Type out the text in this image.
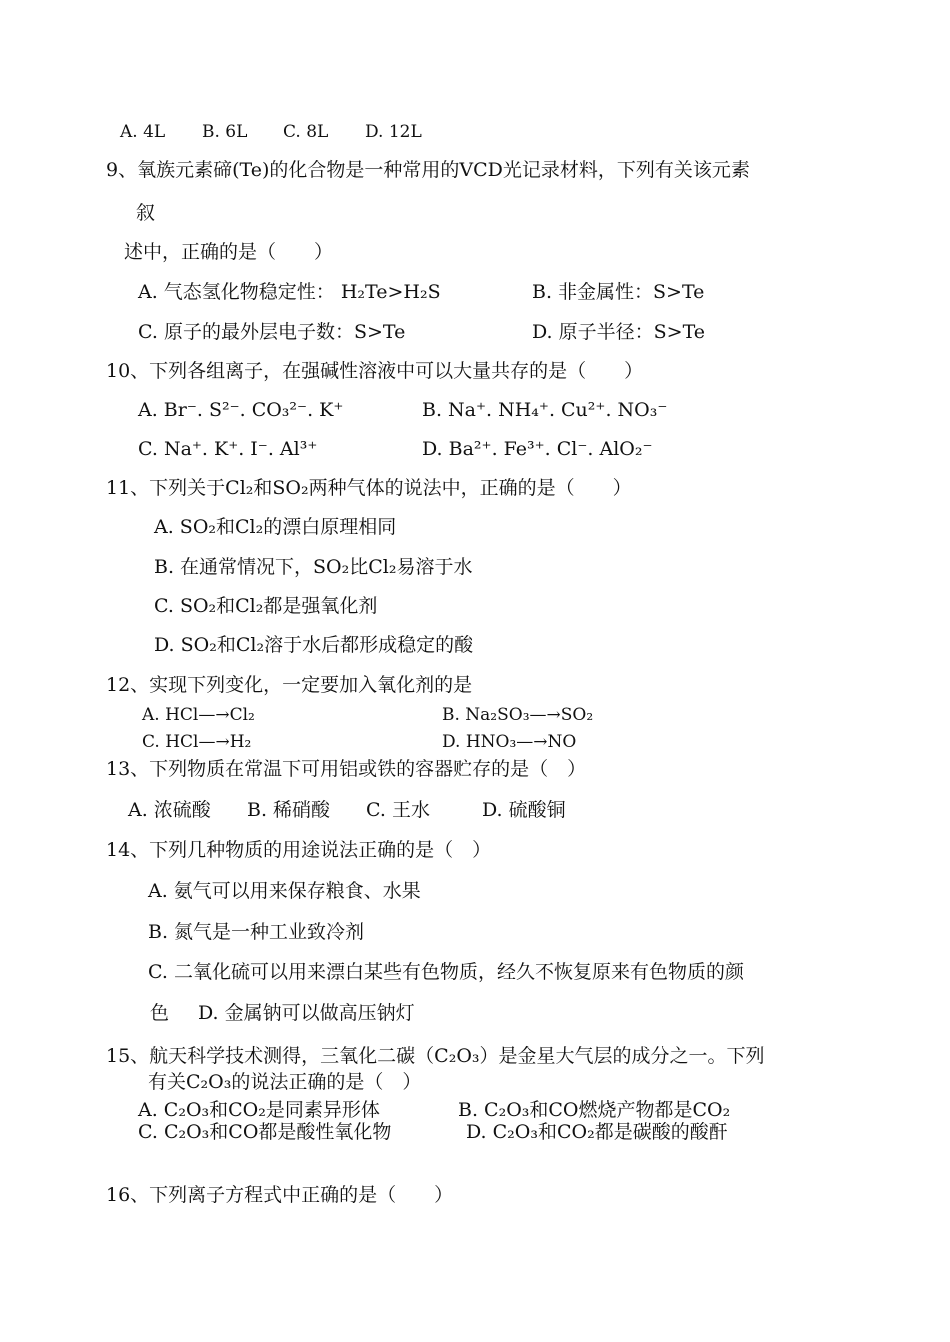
A. 4L B. 6L C. 8L D. 12L
9、氧族元素碲(Te)的化合物是一种常用的VCD光记录材料，下列有关该元素
叙
述中，正确的是（　　）
A. 气态氢化物稳定性： H₂Te>H₂S	B. 非金属性：S>Te
C. 原子的最外层电子数：S>Te	D. 原子半径：S>Te
10、下列各组离子，在强碱性溶液中可以大量共存的是（　　）
A. Br⁻. S²⁻. CO₃²⁻. K⁺	B. Na⁺. NH₄⁺. Cu²⁺. NO₃⁻
C. Na⁺. K⁺. I⁻. Al³⁺	D. Ba²⁺. Fe³⁺. Cl⁻. AlO₂⁻
11、下列关于Cl₂和SO₂两种气体的说法中，正确的是（　　）
A. SO₂和Cl₂的漂白原理相同
B. 在通常情况下，SO₂比Cl₂易溶于水
C. SO₂和Cl₂都是强氧化剂
D. SO₂和Cl₂溶于水后都形成稳定的酸
12、实现下列变化，一定要加入氧化剂的是
A. HCl—→Cl₂	B. Na₂SO₃—→SO₂
C. HCl—→H₂	D. HNO₃—→NO
13、下列物质在常温下可用铝或铁的容器贮存的是（　）
A. 浓硫酸 B. 稀硝酸 C. 王水	D. 硫酸铜
14、下列几种物质的用途说法正确的是（　）
A. 氨气可以用来保存粮食、水果
B. 氮气是一种工业致冷剂
C. 二氧化硫可以用来漂白某些有色物质，经久不恢复原来有色物质的颜
色 D. 金属钠可以做高压钠灯
15、航天科学技术测得，三氧化二碳（C₂O₃）是金星大气层的成分之一。下列
有关C₂O₃的说法正确的是（　）
A. C₂O₃和CO₂是同素异形体	B. C₂O₃和CO燃烧产物都是CO₂
C. C₂O₃和CO都是酸性氧化物	D. C₂O₃和CO₂都是碳酸的酸酐
16、下列离子方程式中正确的是（　　）
